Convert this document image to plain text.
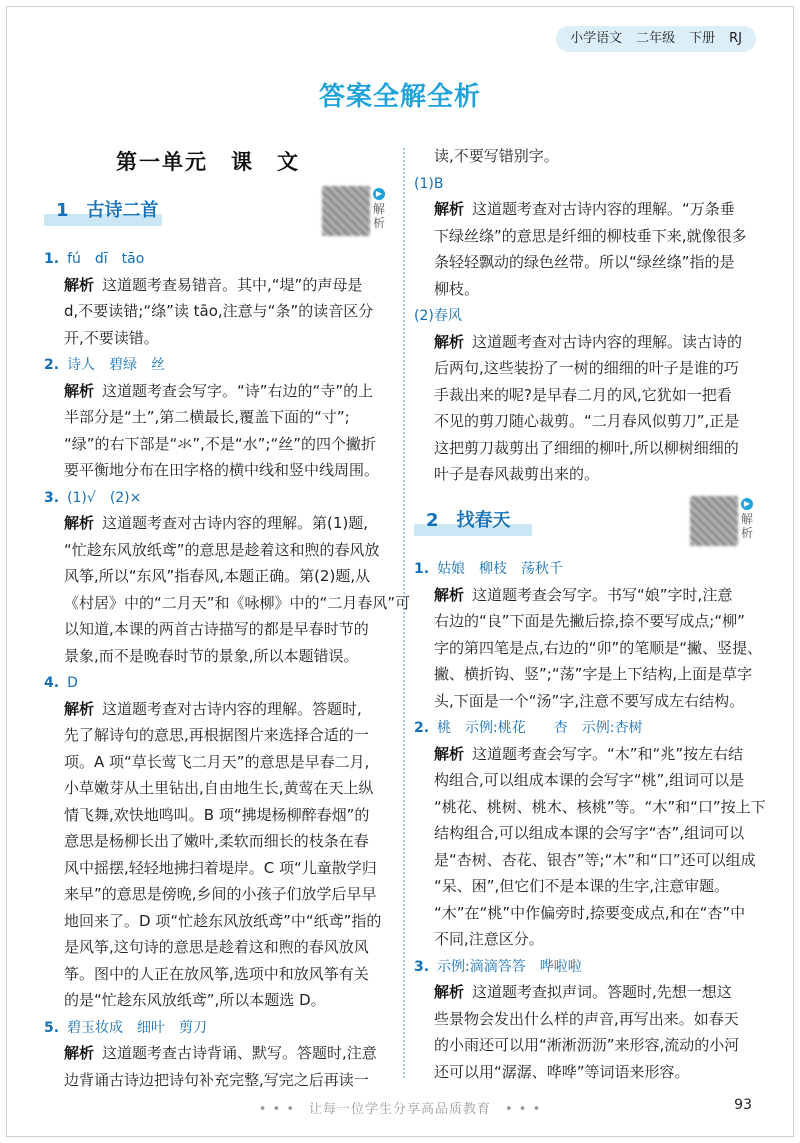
小学语文 二年级 下册 RJ
答案全解全析
第一单元　课　文
1　古诗二首
▶
解析
2　找春天
▶
解析
1. fú　dī　tāo
解析 这道题考查易错音。其中,“堤”的声母是
d,不要读错;“绦”读 tāo,注意与“条”的读音区分
开,不要读错。
2. 诗人　碧绿　丝
解析 这道题考查会写字。“诗”右边的“寺”的上
半部分是“土”,第二横最长,覆盖下面的“寸”;
“绿”的右下部是“氺”,不是“水”;“丝”的四个撇折
要平衡地分布在田字格的横中线和竖中线周围。
3. (1)√　(2)×
解析 这道题考查对古诗内容的理解。第(1)题,
“忙趁东风放纸鸢”的意思是趁着这和煦的春风放
风筝,所以“东风”指春风,本题正确。第(2)题,从
《村居》中的“二月天”和《咏柳》中的“二月春风”可
以知道,本课的两首古诗描写的都是早春时节的
景象,而不是晚春时节的景象,所以本题错误。
4. D
解析 这道题考查对古诗内容的理解。答题时,
先了解诗句的意思,再根据图片来选择合适的一
项。A 项“草长莺飞二月天”的意思是早春二月,
小草嫩芽从土里钻出,自由地生长,黄莺在天上纵
情飞舞,欢快地鸣叫。B 项“拂堤杨柳醉春烟”的
意思是杨柳长出了嫩叶,柔软而细长的枝条在春
风中摇摆,轻轻地拂扫着堤岸。C 项“儿童散学归
来早”的意思是傍晚,乡间的小孩子们放学后早早
地回来了。D 项“忙趁东风放纸鸢”中“纸鸢”指的
是风筝,这句诗的意思是趁着这和煦的春风放风
筝。图中的人正在放风筝,选项中和放风筝有关
的是“忙趁东风放纸鸢”,所以本题选 D。
5. 碧玉妆成　细叶　剪刀
解析 这道题考查古诗背诵、默写。答题时,注意
边背诵古诗边把诗句补充完整,写完之后再读一
读,不要写错别字。
(1)B
解析 这道题考查对古诗内容的理解。“万条垂
下绿丝绦”的意思是纤细的柳枝垂下来,就像很多
条轻轻飘动的绿色丝带。所以“绿丝绦”指的是
柳枝。
(2)春风
解析 这道题考查对古诗内容的理解。读古诗的
后两句,这些装扮了一树的细细的叶子是谁的巧
手裁出来的呢?是早春二月的风,它犹如一把看
不见的剪刀随心裁剪。“二月春风似剪刀”,正是
这把剪刀裁剪出了细细的柳叶,所以柳树细细的
叶子是春风裁剪出来的。
1. 姑娘　柳枝　荡秋千
解析 这道题考查会写字。书写“娘”字时,注意
右边的“良”下面是先撇后捺,捺不要写成点;“柳”
字的第四笔是点,右边的“卯”的笔顺是“撇、竖提、
撇、横折钩、竖”;“荡”字是上下结构,上面是草字
头,下面是一个“汤”字,注意不要写成左右结构。
2. 桃　示例:桃花　　杏　示例:杏树
解析 这道题考查会写字。“木”和“兆”按左右结
构组合,可以组成本课的会写字“桃”,组词可以是
“桃花、桃树、桃木、核桃”等。“木”和“口”按上下
结构组合,可以组成本课的会写字“杏”,组词可以
是“杏树、杏花、银杏”等;“木”和“口”还可以组成
“呆、困”,但它们不是本课的生字,注意审题。
“木”在“桃”中作偏旁时,捺要变成点,和在“杏”中
不同,注意区分。
3. 示例:滴滴答答　哗啦啦
解析 这道题考查拟声词。答题时,先想一想这
些景物会发出什么样的声音,再写出来。如春天
的小雨还可以用“淅淅沥沥”来形容,流动的小河
还可以用“潺潺、哗哗”等词语来形容。
• • •　让每一位学生分享高品质教育　• • •	93
